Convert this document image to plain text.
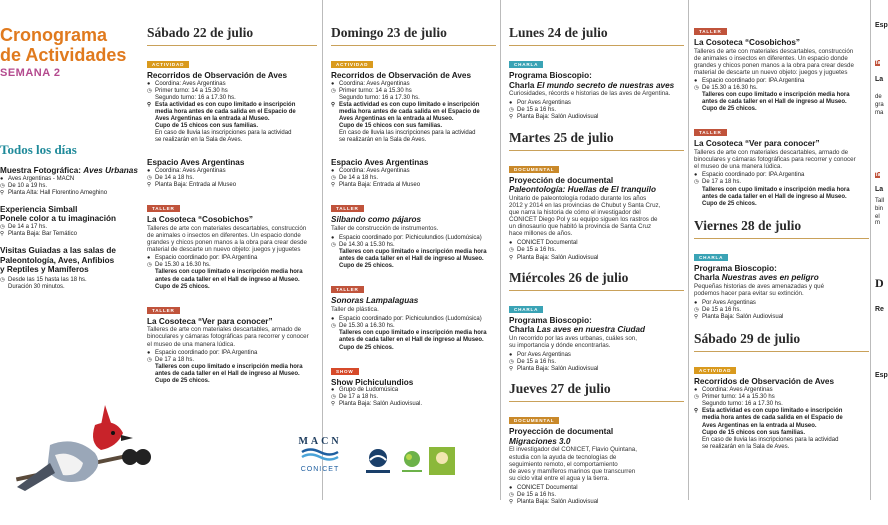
Cronograma
de Actividades
SEMANA 2
Todos los días
Muestra Fotográfica: Aves Urbanas
● Aves Argentinas - MACN
◷ De 10 a 19 hs.
⚲ Planta Alta: Hall Florentino Ameghino
Experiencia Simball
Ponele color a tu imaginación
◷ De 14 a 17 hs.
⚲ Planta Baja: Bar Temático
Visitas Guiadas a las salas de
Paleontología, Aves, Anfibios
y Reptiles y Mamíferos
◷ Desde las 15 hasta las 18 hs.
Duración 30 minutos.
Sábado 22 de julio
ACTIVIDAD
Recorridos de Observación de Aves
● Coordina: Aves Argentinas
◷ Primer turno: 14 a 15.30 hs
Segundo turno: 16 a 17.30 hs.
⚲ Esta actividad es con cupo limitado e inscripción
media hora antes de cada salida en el Espacio de
Aves Argentinas en la entrada al Museo.
Cupo de 15 chicos con sus familias.
En caso de lluvia las inscripciones para la actividad
se realizarán en la Sala de Aves.
Espacio Aves Argentinas
● Coordina: Aves Argentinas
◷ De 14 a 18 hs.
⚲ Planta Baja: Entrada al Museo
TALLER
La Cosoteca “Cosobichos”
Talleres de arte con materiales descartables, construcción
de animales o insectos en diferentes. Un espacio donde
grandes y chicos ponen manos a la obra para crear desde
material de descarte un nuevo objeto: juegos y juguetes
● Espacio coordinado por: IPA Argentina
◷ De 15.30 a 16.30 hs.
Talleres con cupo limitado e inscripción media hora
antes de cada taller en el Hall de ingreso al Museo.
Cupo de 25 chicos.
TALLER
La Cosoteca “Ver para conocer”
Talleres de arte con materiales descartables, armado de
binoculares y cámaras fotográficas para recorrer y conocer
el museo de una manera lúdica.
● Espacio coordinado por: IPA Argentina
◷ De 17 a 18 hs.
Talleres con cupo limitado e inscripción media hora
antes de cada taller en el Hall de ingreso al Museo.
Cupo de 25 chicos.
Domingo 23 de julio
ACTIVIDAD
Recorridos de Observación de Aves
● Coordina: Aves Argentinas
◷ Primer turno: 14 a 15.30 hs
Segundo turno: 16 a 17.30 hs.
⚲ Esta actividad es con cupo limitado e inscripción
media hora antes de cada salida en el Espacio de
Aves Argentinas en la entrada al Museo.
Cupo de 15 chicos con sus familias.
En caso de lluvia las inscripciones para la actividad
se realizarán en la Sala de Aves.
Espacio Aves Argentinas
● Coordina: Aves Argentinas
◷ De 14 a 18 hs.
⚲ Planta Baja: Entrada al Museo
TALLER
Silbando como pájaros
Taller de construcción de instrumentos.
● Espacio coordinado por: Pichiculundios (Ludomúsica)
◷ De 14.30 a 15.30 hs.
Talleres con cupo limitado e inscripción media hora
antes de cada taller en el Hall de ingreso al Museo.
Cupo de 25 chicos.
TALLER
Sonoras Lampalaguas
Taller de plástica.
● Espacio coordinado por: Pichiculundios (Ludomúsica)
◷ De 15.30 a 16.30 hs.
Talleres con cupo limitado e inscripción media hora
antes de cada taller en el Hall de ingreso al Museo.
Cupo de 25 chicos.
SHOW
Show Pichiculundios
● Grupo de Ludomúsica
◷ De 17 a 18 hs.
⚲ Planta Baja: Salón Audiovisual.
MACN
CONICET
Lunes 24 de julio
CHARLA
Programa Bioscopio:
Charla El mundo secreto de nuestras aves
Curiosidades, récords e historias de las aves de Argentina.
● Por Aves Argentinas
◷ De 15 a 16 hs.
⚲ Planta Baja: Salón Audiovisual
Martes 25 de julio
DOCUMENTAL
Proyección de documental
Paleontología: Huellas de El tranquilo
Unitario de paleontología rodado durante los años
2012 y 2014 en las provincias de Chubut y Santa Cruz,
que narra la historia de cómo el investigador del
CONICET Diego Pol y su equipo siguen los rastros de
un dinosaurio que habitó la provincia de Santa Cruz
hace millones de años.
● CONICET Documental
◷ De 15 a 16 hs.
⚲ Planta Baja: Salón Audiovisual
Miércoles 26 de julio
CHARLA
Programa Bioscopio:
Charla Las aves en nuestra Ciudad
Un recorrido por las aves urbanas, cuáles son,
su importancia y dónde encontrarlas.
● Por Aves Argentinas
◷ De 15 a 16 hs.
⚲ Planta Baja: Salón Audiovisual
Jueves 27 de julio
DOCUMENTAL
Proyección de documental
Migraciones 3.0
El investigador del CONICET, Flavio Quintana,
estudia con la ayuda de tecnologías de
seguimiento remoto, el comportamiento
de aves y mamíferos marinos que transcurren
su ciclo vital entre el agua y la tierra.
● CONICET Documental
◷ De 15 a 16 hs.
⚲ Planta Baja: Salón Audiovisual
TALLER
La Cosoteca “Cosobichos”
Talleres de arte con materiales descartables, construcción
de animales o insectos en diferentes. Un espacio donde
grandes y chicos ponen manos a la obra para crear desde
material de descarte un nuevo objeto: juegos y juguetes
● Espacio coordinado por: IPA Argentina
◷ De 15.30 a 16.30 hs.
Talleres con cupo limitado e inscripción media hora
antes de cada taller en el Hall de ingreso al Museo.
Cupo de 25 chicos.
TALLER
La Cosoteca “Ver para conocer”
Talleres de arte con materiales descartables, armado de
binoculares y cámaras fotográficas para recorrer y conocer
el museo de una manera lúdica.
● Espacio coordinado por: IPA Argentina
◷ De 17 a 18 hs.
Talleres con cupo limitado e inscripción media hora
antes de cada taller en el Hall de ingreso al Museo.
Cupo de 25 chicos.
Viernes 28 de julio
CHARLA
Programa Bioscopio:
Charla Nuestras aves en peligro
Pequeñas historias de aves amenazadas y qué
podemos hacer para evitar su extinción.
● Por Aves Argentinas
◷ De 15 a 16 hs.
⚲ Planta Baja: Salón Audiovisual
Sábado 29 de julio
ACTIVIDAD
Recorridos de Observación de Aves
● Coordina: Aves Argentinas
◷ Primer turno: 14 a 15.30 hs
Segundo turno: 16 a 17.30 hs.
⚲ Esta actividad es con cupo limitado e inscripción
media hora antes de cada salida en el Espacio de
Aves Argentinas en la entrada al Museo.
Cupo de 15 chicos con sus familias.
En caso de lluvia las inscripciones para la actividad
se realizarán en la Sala de Aves.
Esp
Ta
La
de
gra
ma
Ta
La
Tall
bin
el m
D
Re
Esp
